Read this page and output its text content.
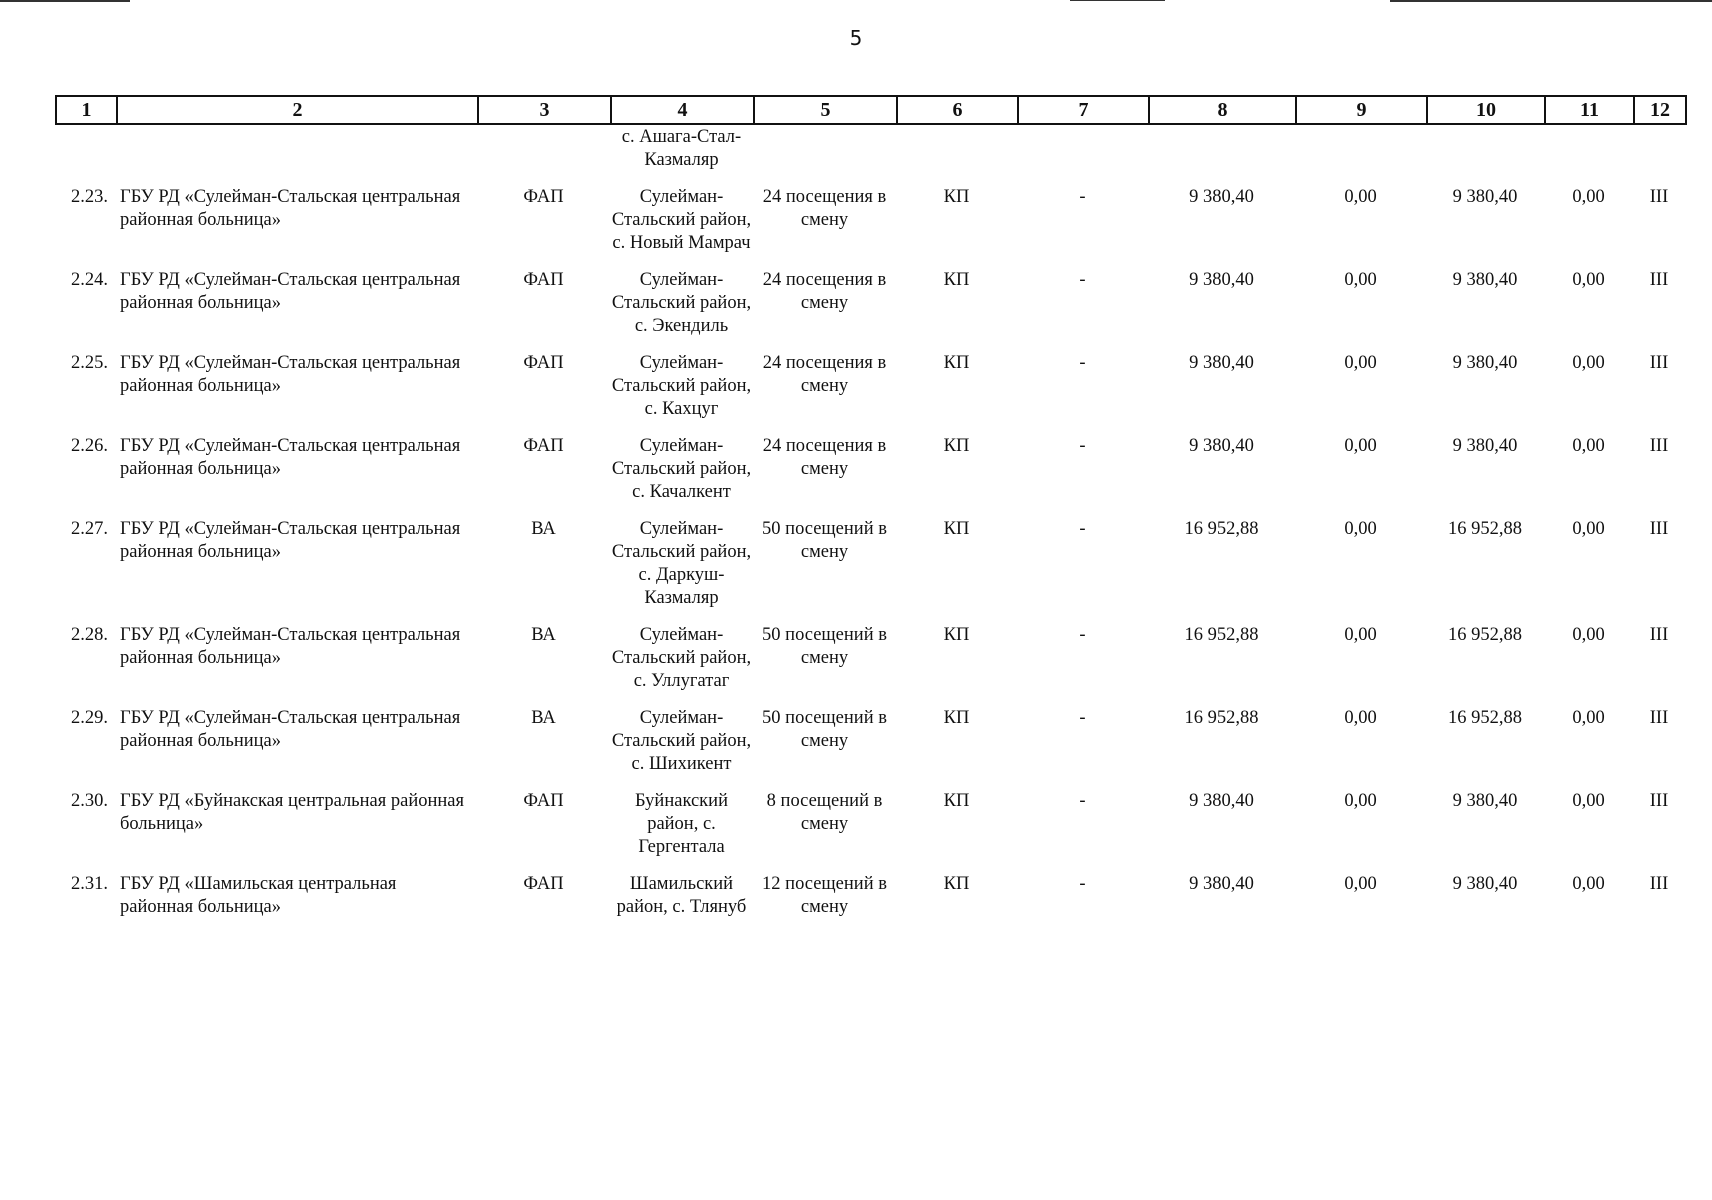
5
1	2	3	4	5	6	7	8	9	10	11	12
			с. Ашага-Стал-Казмаляр								
2.23.	ГБУ РД «Сулейман-Стальская центральная районная больница»	ФАП	Сулейман-Стальский район, с. Новый Мамрач	24 посещения в смену	КП	-	9 380,40	0,00	9 380,40	0,00	III
2.24.	ГБУ РД «Сулейман-Стальская центральная районная больница»	ФАП	Сулейман-Стальский район, с. Экендиль	24 посещения в смену	КП	-	9 380,40	0,00	9 380,40	0,00	III
2.25.	ГБУ РД «Сулейман-Стальская центральная районная больница»	ФАП	Сулейман-Стальский район, с. Кахцуг	24 посещения в смену	КП	-	9 380,40	0,00	9 380,40	0,00	III
2.26.	ГБУ РД «Сулейман-Стальская центральная районная больница»	ФАП	Сулейман-Стальский район, с. Качалкент	24 посещения в смену	КП	-	9 380,40	0,00	9 380,40	0,00	III
2.27.	ГБУ РД «Сулейман-Стальская центральная районная больница»	ВА	Сулейман-Стальский район, с. Даркуш-Казмаляр	50 посещений в смену	КП	-	16 952,88	0,00	16 952,88	0,00	III
2.28.	ГБУ РД «Сулейман-Стальская центральная районная больница»	ВА	Сулейман-Стальский район, с. Уллугатаг	50 посещений в смену	КП	-	16 952,88	0,00	16 952,88	0,00	III
2.29.	ГБУ РД «Сулейман-Стальская центральная районная больница»	ВА	Сулейман-Стальский район, с. Шихикент	50 посещений в смену	КП	-	16 952,88	0,00	16 952,88	0,00	III
2.30.	ГБУ РД «Буйнакская центральная районная больница»	ФАП	Буйнакский район, с. Гергентала	8 посещений в смену	КП	-	9 380,40	0,00	9 380,40	0,00	III
2.31.	ГБУ РД «Шамильская центральная районная больница»	ФАП	Шамильский район, с. Тлянуб	12 посещений в смену	КП	-	9 380,40	0,00	9 380,40	0,00	III
